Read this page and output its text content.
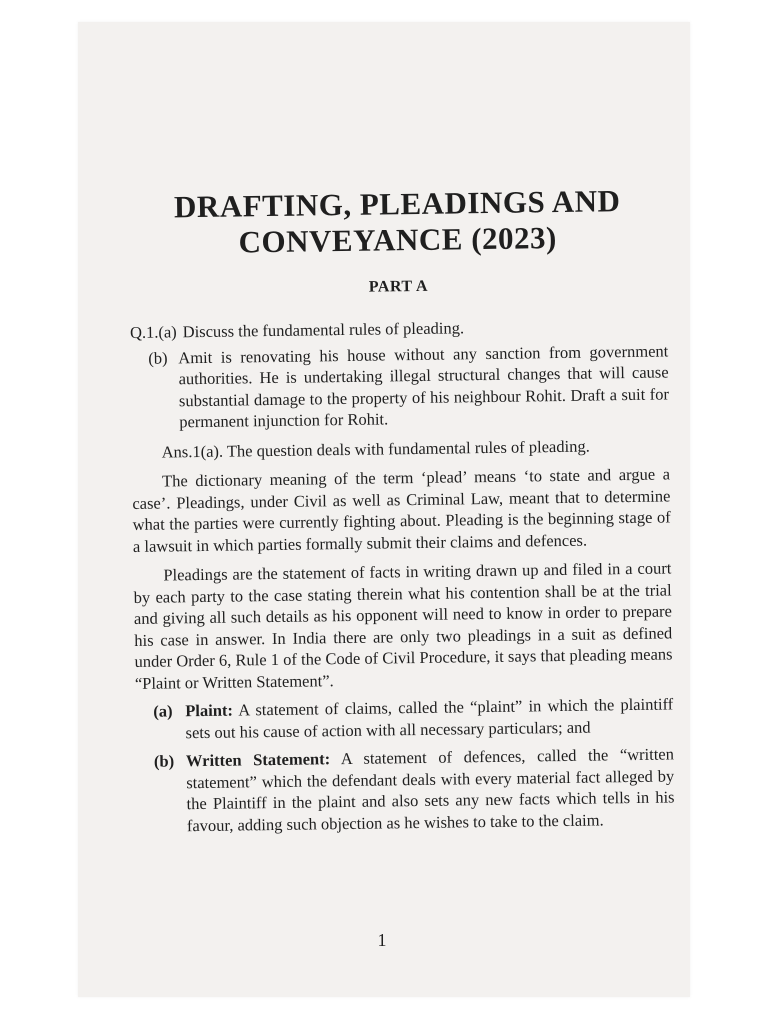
DRAFTING, PLEADINGS AND
CONVEYANCE (2023)
PART A
Q.1.(a) Discuss the fundamental rules of pleading.
(b) Amit is renovating his house without any sanction from government authorities. He is undertaking illegal structural changes that will cause substantial damage to the property of his neighbour Rohit. Draft a suit for permanent injunction for Rohit.
Ans.1(a). The question deals with fundamental rules of pleading.
The dictionary meaning of the term ‘plead’ means ‘to state and argue a case’. Pleadings, under Civil as well as Criminal Law, meant that to determine what the parties were currently fighting about. Pleading is the beginning stage of a lawsuit in which parties formally submit their claims and defences.
Pleadings are the statement of facts in writing drawn up and filed in a court by each party to the case stating therein what his contention shall be at the trial and giving all such details as his opponent will need to know in order to prepare his case in answer. In India there are only two pleadings in a suit as defined under Order 6, Rule 1 of the Code of Civil Procedure, it says that pleading means “Plaint or Written Statement”.
(a) Plaint: A statement of claims, called the “plaint” in which the plaintiff sets out his cause of action with all necessary particulars; and
(b) Written Statement: A statement of defences, called the “written statement” which the defendant deals with every material fact alleged by the Plaintiff in the plaint and also sets any new facts which tells in his favour, adding such objection as he wishes to take to the claim.
1
